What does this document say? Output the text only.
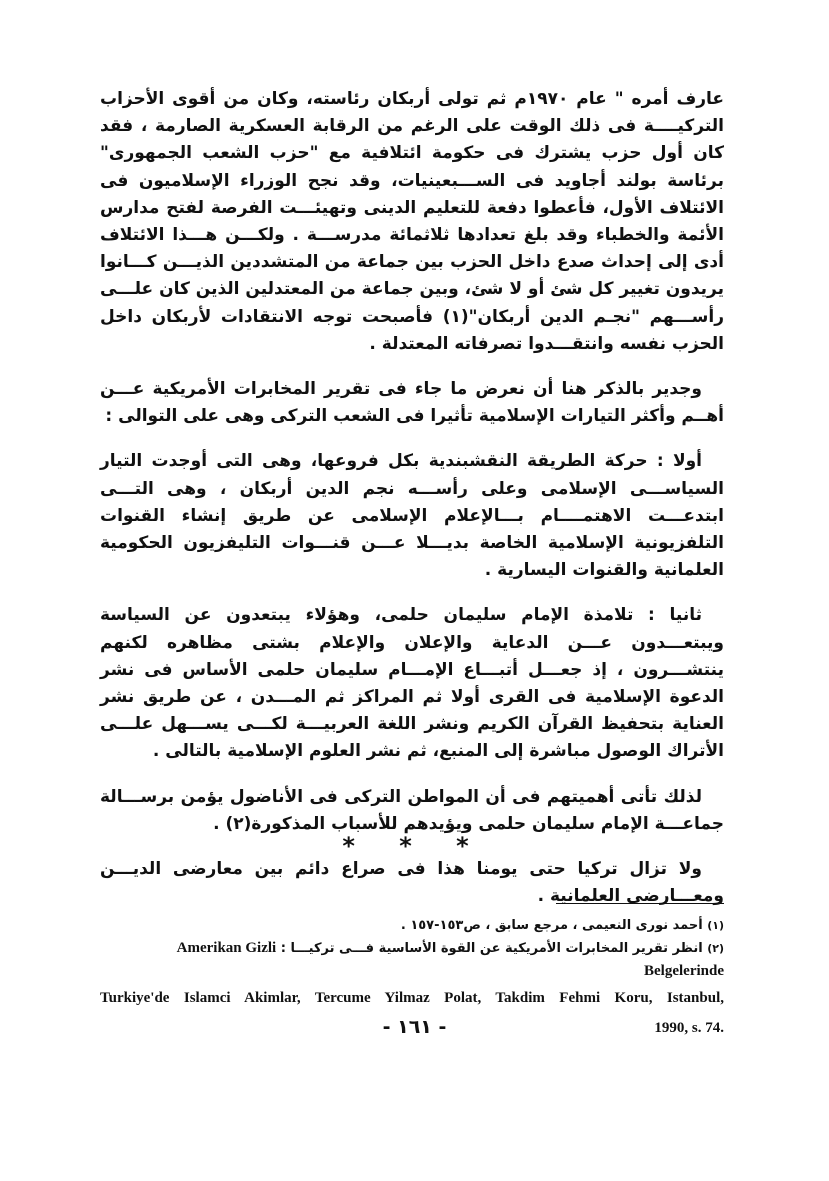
عارف أمره " عام ١٩٧٠م ثم تولى أربكان رئاسته، وكان من أقوى الأحزاب التركيــــة فى ذلك الوقت على الرغم من الرقابة العسكرية الصارمة ، فقد كان أول حزب يشترك فى حكومة ائتلافية مع "حزب الشعب الجمهورى" برئاسة بولند أجاويد فى الســـبعينيات، وقد نجح الوزراء الإسلاميون فى الائتلاف الأول، فأعطوا دفعة للتعليم الدينى وتهيئـــت الفرصة لفتح مدارس الأئمة والخطباء وقد بلغ تعدادها ثلاثمائة مدرســـة . ولكـــن هـــذا الائتلاف أدى إلى إحداث صدع داخل الحزب بين جماعة من المتشددين الذيـــن كـــانوا يريدون تغيير كل شئ أو لا شئ، وبين جماعة من المعتدلين الذين كان علـــى رأســـهم "نجـم الدين أربكان"(١) فأصبحت توجه الانتقادات لأربكان داخل الحزب نفسه وانتقـــدوا تصرفاته المعتدلة .

وجدير بالذكر هنا أن نعرض ما جاء فى تقرير المخابرات الأمريكية عـــن أهــم وأكثر التيارات الإسلامية تأثيرا فى الشعب التركى وهى على التوالى :

أولا : حركة الطريقة النقشبندية بكل فروعها، وهى التى أوجدت التيار السياســـى الإسلامى وعلى رأســـه نجم الدين أربكان ، وهى التـــى ابتدعـــت الاهتمــــام بـــالإعلام الإسلامى عن طريق إنشاء القنوات التلفزيونية الإسلامية الخاصة بديـــلا عـــن قنـــوات التليفزيون الحكومية العلمانية والقنوات اليسارية .

ثانيا : تلامذة الإمام سليمان حلمى، وهؤلاء يبتعدون عن السياسة ويبتعـــدون عـــن الدعاية والإعلان والإعلام بشتى مظاهره لكنهم ينتشـــرون ، إذ جعـــل أتبـــاع الإمـــام سليمان حلمى الأساس فى نشر الدعوة الإسلامية فى القرى أولا ثم المراكز ثم المـــدن ، عن طريق نشر العناية بتحفيظ القرآن الكريم ونشر اللغة العربيـــة لكـــى يســـهل علـــى الأتراك الوصول مباشرة إلى المنبع، ثم نشر العلوم الإسلامية بالتالى .

لذلك تأتى أهميتهم فى أن المواطن التركى فى الأناضول يؤمن برســـالة جماعـــة الإمام سليمان حلمى ويؤيدهم للأسباب المذكورة(٢) .

ولا تزال تركيا حتى يومنا هذا فى صراع دائم بين معارضى الديـــن ومعـــارضى العلمانية .

* * *
(١) أحمد نورى النعيمى ، مرجع سابق ، ص١٥٣-١٥٧ .
(٢) انظر تقرير المخابرات الأمريكية عن القوة الأساسية فـــى تركيـــا : Amerikan Gizli Belgelerinde
Turkiye'de Islamci Akimlar, Tercume Yilmaz Polat, Takdim Fehmi Koru, Istanbul,
1990, s. 74.
- ١٦١ -
